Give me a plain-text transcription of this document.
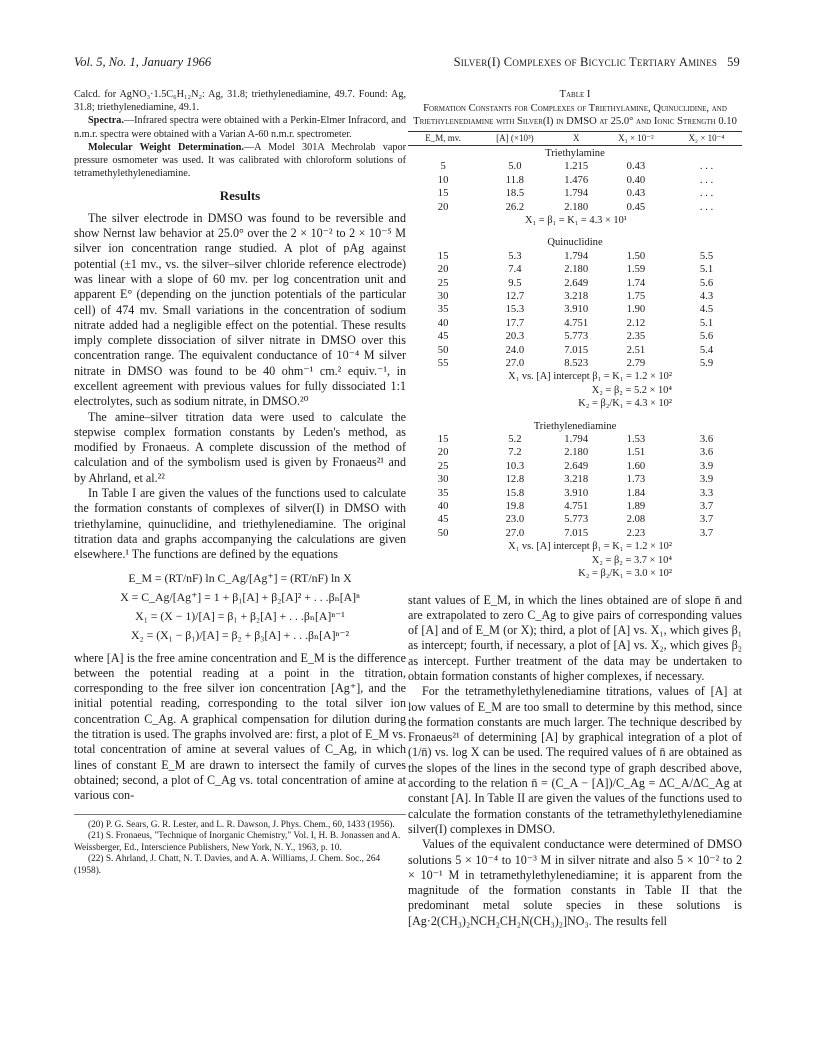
Vol. 5, No. 1, January 1966	Silver(I) Complexes of Bicyclic Tertiary Amines 59

Calcd. for AgNO₃·1.5C₆H₁₂N₂: Ag, 31.8; triethylenediamine, 49.7. Found: Ag, 31.8; triethylenediamine, 49.1.

Spectra.—Infrared spectra were obtained with a Perkin-Elmer Infracord, and n.m.r. spectra were obtained with a Varian A-60 n.m.r. spectrometer.

Molecular Weight Determination.—A Model 301A Mechrolab vapor pressure osmometer was used. It was calibrated with chloroform solutions of tetramethylethylenediamine.

Results

The silver electrode in DMSO was found to be reversible and show Nernst law behavior at 25.0° over the 2 × 10⁻² to 2 × 10⁻⁵ M silver ion concentration range studied. A plot of pAg against potential (±1 mv., vs. the silver–silver chloride reference electrode) was linear with a slope of 60 mv. per log concentration unit and apparent E° (depending on the junction potentials of the particular cell) of 474 mv. Small variations in the concentration of sodium nitrate added had a negligible effect on the potential. These results imply complete dissociation of silver nitrate in DMSO over this concentration range. The equivalent conductance of 10⁻⁴ M silver nitrate in DMSO was found to be 40 ohm⁻¹ cm.² equiv.⁻¹, in excellent agreement with previous values for fully dissociated 1:1 electrolytes, such as sodium nitrate, in DMSO.²⁰

The amine–silver titration data were used to calculate the stepwise complex formation constants by Leden's method, as modified by Fronaeus. A complete discussion of the method of calculation and of the symbolism used is given by Fronaeus²¹ and by Ahrland, et al.²²

In Table I are given the values of the functions used to calculate the formation constants of complexes of silver(I) in DMSO with triethylamine, quinuclidine, and triethylenediamine. The original titration data and graphs accompanying the calculations are given elsewhere.¹ The functions are defined by the equations

E_M = (RT/nF) ln C_Ag/[Ag⁺] = (RT/nF) ln X
X = C_Ag/[Ag⁺] = 1 + β₁[A] + β₂[A]² + . . .βₙ[A]ⁿ
X₁ = (X − 1)/[A] = β₁ + β₂[A] + . . .βₙ[A]ⁿ⁻¹
X₂ = (X₁ − β₁)/[A] = β₂ + β₃[A] + . . .βₙ[A]ⁿ⁻²

where [A] is the free amine concentration and E_M is the difference between the potential reading at a point in the titration, corresponding to the free silver ion concentration [Ag⁺], and the initial potential reading, corresponding to the total silver ion concentration C_Ag. A graphical compensation for dilution during the titration is used. The graphs involved are: first, a plot of E_M vs. total concentration of amine at several values of C_Ag, in which lines of constant E_M are drawn to intersect the family of curves obtained; second, a plot of C_Ag vs. total concentration of amine at various con-

(20) P. G. Sears, G. R. Lester, and L. R. Dawson, J. Phys. Chem., 60, 1433 (1956).

(21) S. Fronaeus, "Technique of Inorganic Chemistry," Vol. I, H. B. Jonassen and A. Weissberger, Ed., Interscience Publishers, New York, N. Y., 1963, p. 10.

(22) S. Ahrland, J. Chatt, N. T. Davies, and A. A. Williams, J. Chem. Soc., 264 (1958).

Table I
Formation Constants for Complexes of Triethylamine, Quinuclidine, and Triethylenediamine with Silver(I) in DMSO at 25.0° and Ionic Strength 0.10
E_M, mv.	[A] (×10³)	X	X₁ × 10⁻²	X₂ × 10⁻⁴
Triethylamine				
5	5.0	1.215	0.43	. . .
10	11.8	1.476	0.40	. . .
15	18.5	1.794	0.43	. . .
20	26.2	2.180	0.45	. . .
X₁ = β₁ = K₁ = 4.3 × 10¹				

Quinuclidine				
15	5.3	1.794	1.50	5.5
20	7.4	2.180	1.59	5.1
25	9.5	2.649	1.74	5.6
30	12.7	3.218	1.75	4.3
35	15.3	3.910	1.90	4.5
40	17.7	4.751	2.12	5.1
45	20.3	5.773	2.35	5.6
50	24.0	7.015	2.51	5.4
55	27.0	8.523	2.79	5.9
X₁ vs. [A] intercept β₁ = K₁ = 1.2 × 10²				
X₂ = β₂ = 5.2 × 10⁴				
K₂ = β₂/K₁ = 4.3 × 10²				

Triethylenediamine				
15	5.2	1.794	1.53	3.6
20	7.2	2.180	1.51	3.6
25	10.3	2.649	1.60	3.9
30	12.8	3.218	1.73	3.9
35	15.8	3.910	1.84	3.3
40	19.8	4.751	1.89	3.7
45	23.0	5.773	2.08	3.7
50	27.0	7.015	2.23	3.7
X₁ vs. [A] intercept β₁ = K₁ = 1.2 × 10²				
X₂ = β₂ = 3.7 × 10⁴				
K₂ = β₂/K₁ = 3.0 × 10²				

stant values of E_M, in which the lines obtained are of slope n̄ and are extrapolated to zero C_Ag to give pairs of corresponding values of [A] and of E_M (or X); third, a plot of [A] vs. X₁, which gives β₁ as intercept; fourth, if necessary, a plot of [A] vs. X₂, which gives β₂ as intercept. Further treatment of the data may be undertaken to obtain formation constants of higher complexes, if necessary.

For the tetramethylethylenediamine titrations, values of [A] at low values of E_M are too small to determine by this method, since the formation constants are much larger. The technique described by Fronaeus²¹ of determining [A] by graphical integration of a plot of (1/n̄) vs. log X can be used. The required values of n̄ are obtained as the slopes of the lines in the second type of graph described above, according to the relation n̄ = (C_A − [A])/C_Ag = ΔC_A/ΔC_Ag at constant [A]. In Table II are given the values of the functions used to calculate the formation constants of the tetramethylethylenediamine silver(I) complexes in DMSO.

Values of the equivalent conductance were determined of DMSO solutions 5 × 10⁻⁴ to 10⁻³ M in silver nitrate and also 5 × 10⁻² to 2 × 10⁻¹ M in tetramethylethylenediamine; it is apparent from the magnitude of the formation constants in Table II that the predominant metal solute species in these solutions is [Ag·2(CH₃)₂NCH₂CH₂N(CH₃)₂]NO₃. The results fell
